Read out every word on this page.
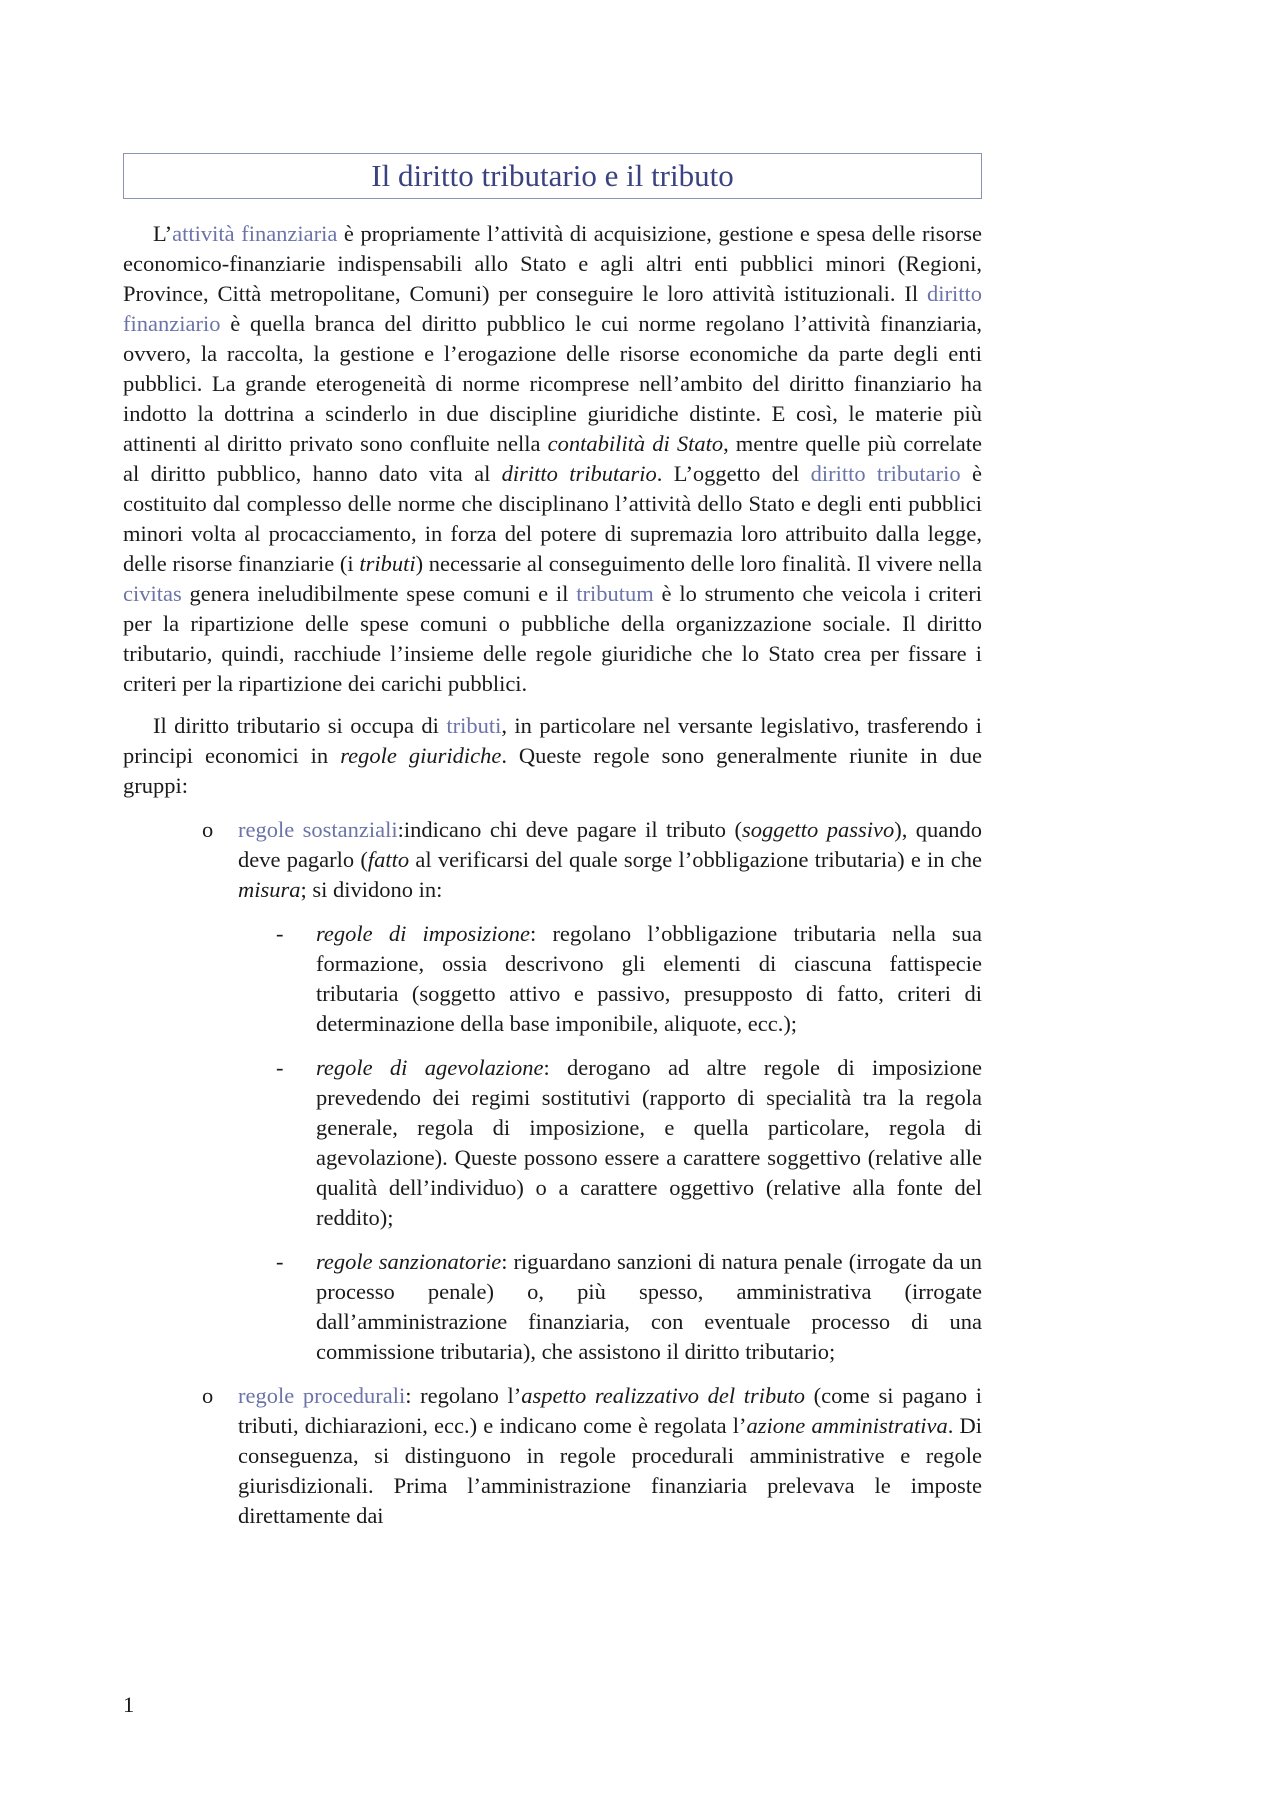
Il diritto tributario e il tributo

L’attività finanziaria è propriamente l’attività di acquisizione, gestione e spesa delle risorse economico-finanziarie indispensabili allo Stato e agli altri enti pubblici minori (Regioni, Province, Città metropolitane, Comuni) per conseguire le loro attività istituzionali. Il diritto finanziario è quella branca del diritto pubblico le cui norme regolano l’attività finanziaria, ovvero, la raccolta, la gestione e l’erogazione delle risorse economiche da parte degli enti pubblici. La grande eterogeneità di norme ricomprese nell’ambito del diritto finanziario ha indotto la dottrina a scinderlo in due discipline giuridiche distinte. E così, le materie più attinenti al diritto privato sono confluite nella contabilità di Stato, mentre quelle più correlate al diritto pubblico, hanno dato vita al diritto tributario. L’oggetto del diritto tributario è costituito dal complesso delle norme che disciplinano l’attività dello Stato e degli enti pubblici minori volta al procacciamento, in forza del potere di supremazia loro attribuito dalla legge, delle risorse finanziarie (i tributi) necessarie al conseguimento delle loro finalità. Il vivere nella civitas genera ineludibilmente spese comuni e il tributum è lo strumento che veicola i criteri per la ripartizione delle spese comuni o pubbliche della organizzazione sociale. Il diritto tributario, quindi, racchiude l’insieme delle regole giuridiche che lo Stato crea per fissare i criteri per la ripartizione dei carichi pubblici.

Il diritto tributario si occupa di tributi, in particolare nel versante legislativo, trasferendo i principi economici in regole giuridiche. Queste regole sono generalmente riunite in due gruppi:

o regole sostanziali:indicano chi deve pagare il tributo (soggetto passivo), quando deve pagarlo (fatto al verificarsi del quale sorge l’obbligazione tributaria) e in che misura; si dividono in:

- regole di imposizione: regolano l’obbligazione tributaria nella sua formazione, ossia descrivono gli elementi di ciascuna fattispecie tributaria (soggetto attivo e passivo, presupposto di fatto, criteri di determinazione della base imponibile, aliquote, ecc.);

- regole di agevolazione: derogano ad altre regole di imposizione prevedendo dei regimi sostitutivi (rapporto di specialità tra la regola generale, regola di imposizione, e quella particolare, regola di agevolazione). Queste possono essere a carattere soggettivo (relative alle qualità dell’individuo) o a carattere oggettivo (relative alla fonte del reddito);

- regole sanzionatorie: riguardano sanzioni di natura penale (irrogate da un processo penale) o, più spesso, amministrativa (irrogate dall’amministrazione finanziaria, con eventuale processo di una commissione tributaria), che assistono il diritto tributario;

o regole procedurali: regolano l’aspetto realizzativo del tributo (come si pagano i tributi, dichiarazioni, ecc.) e indicano come è regolata l’azione amministrativa. Di conseguenza, si distinguono in regole procedurali amministrative e regole giurisdizionali. Prima l’amministrazione finanziaria prelevava le imposte direttamente dai

1
